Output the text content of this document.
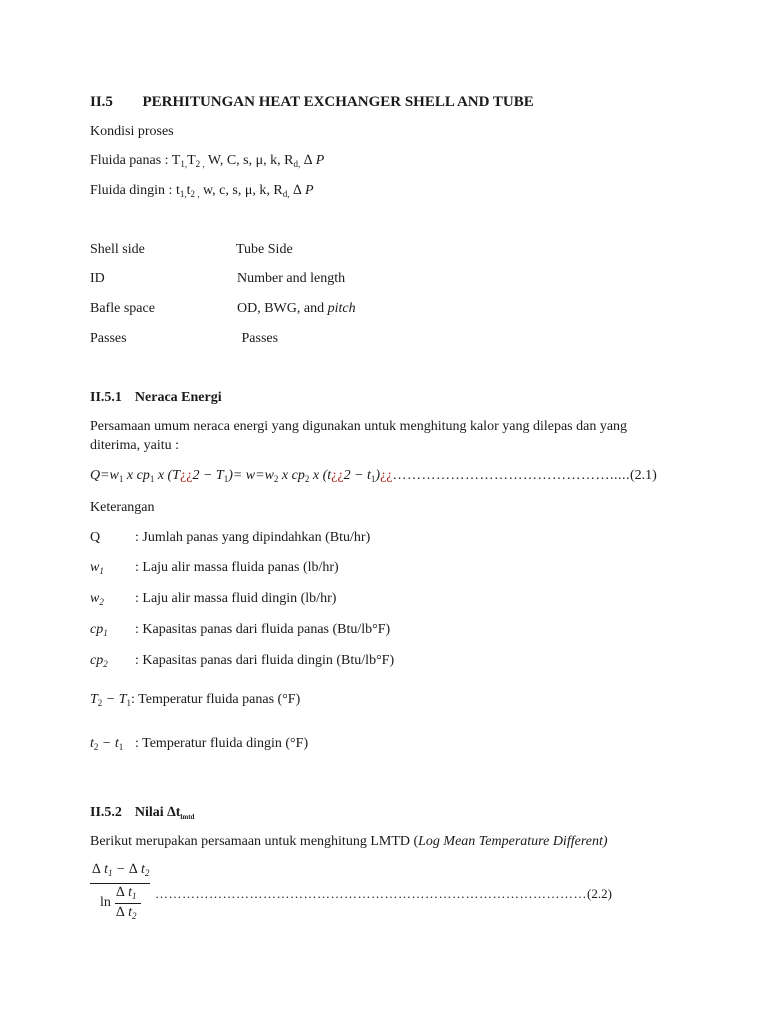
II.5 PERHITUNGAN HEAT EXCHANGER SHELL AND TUBE
Kondisi proses
Fluida panas : $T_{1,}T_{2 ,}$ W, C, s, μ, k, $R_{d,}$ ∆ P
Fluida dingin : $t_{1,}t_{2 ,}$ w, c, s, μ, k, $R_{d,}$ ∆ P
Shell side	Tube Side
ID	Number and length
Bafle space	OD, BWG, and pitch
Passes	Passes
II.5.1 Neraca Energi
Persamaan umum neraca energi yang digunakan untuk menghitung kalor yang dilepas dan yang
diterima, yaitu :
$Q=w_1$ x $cp_1$ x (T¿¿2 − $T_1)= w=w_2$ x $cp_2$ x (t¿¿2 − $t_1)¿¿\dots\dots\dots\dots\dots\dots\dots\dots\dots\dots\dots\dots\dots\dots\dots.....(2.1)$
Keterangan
Q : Jumlah panas yang dipindahkan (Btu/hr)
$w_1$ : Laju alir massa fluida panas (lb/hr)
$w_2$ : Laju alir massa fluid dingin (lb/hr)
$cp_1$ : Kapasitas panas dari fluida panas (Btu/lb°F)
$cp_2$ : Kapasitas panas dari fluida dingin (Btu/lb°F)
$T_2 - T_1$: Temperatur fluida panas (°F)
$t_2 - t_1$ : Temperatur fluida dingin (°F)
II.5.2 Nilai $\Delta t_{lmtd}$
Berikut merupakan persamaan untuk menghitung LMTD (Log Mean Temperature Different)
∆ $t_1$ − ∆ $t_2$
ln
∆ $t_1$
∆ $t_2$
……………………………………………………………………………………(2.2)
